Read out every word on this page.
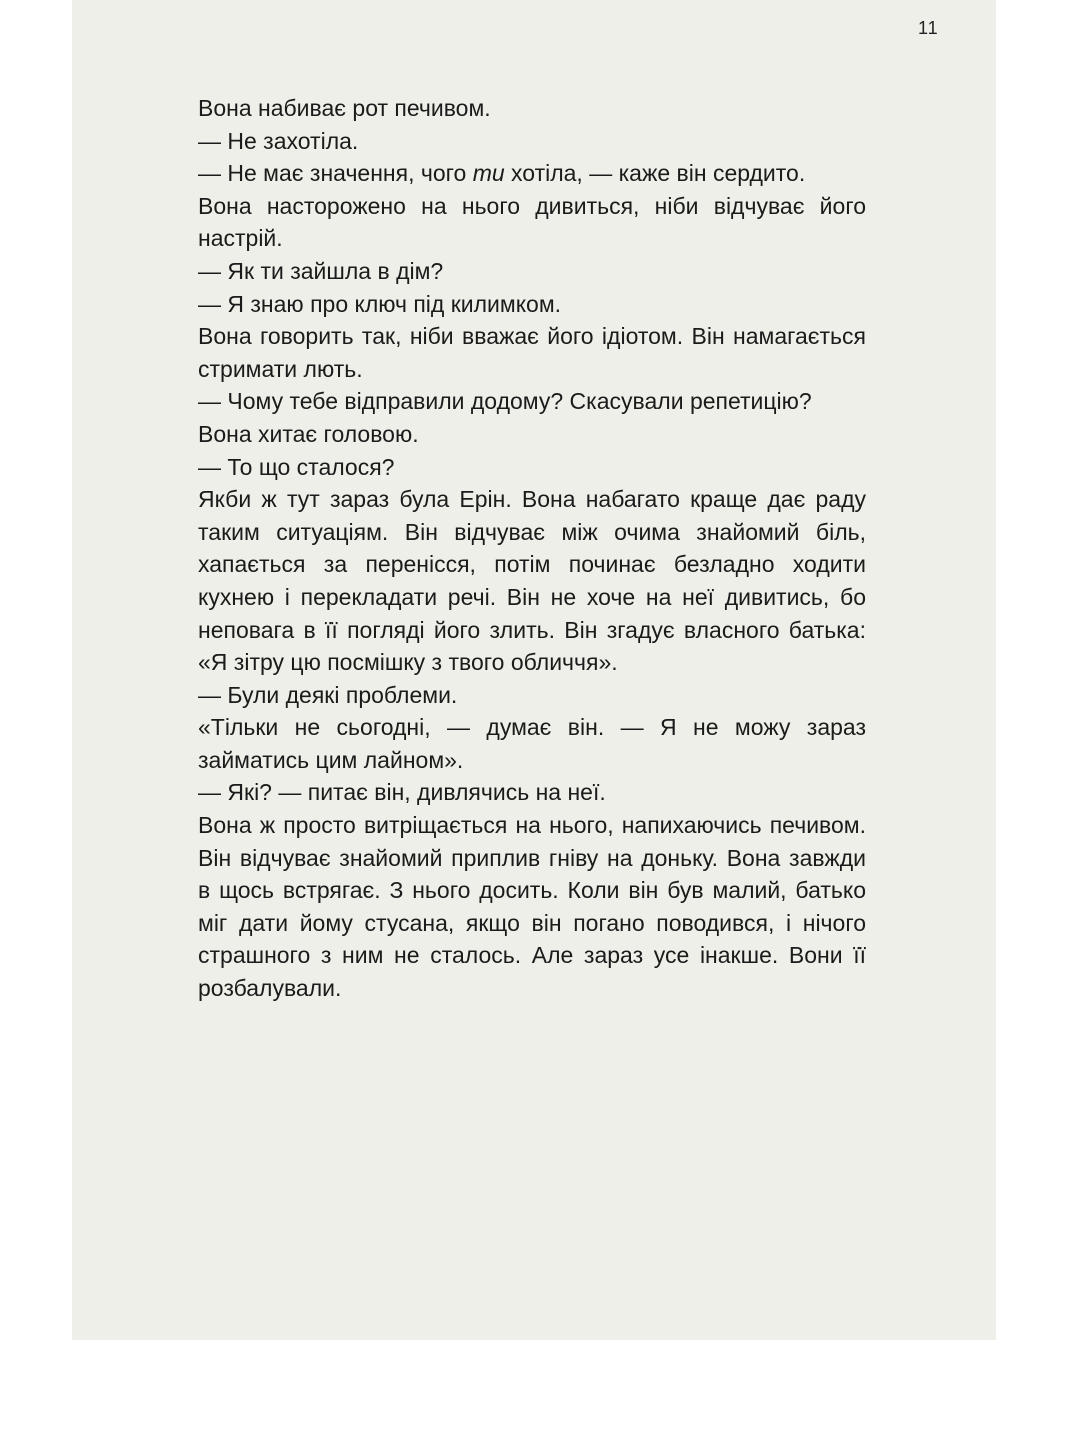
11

Вона набиває рот печивом.

— Не захотіла.

— Не має значення, чого ти хотіла, — каже він сердито.

Вона насторожено на нього дивиться, ніби відчуває його настрій.

— Як ти зайшла в дім?

— Я знаю про ключ під килимком.

Вона говорить так, ніби вважає його ідіотом. Він намагається стримати лють.

— Чому тебе відправили додому? Скасували репетицію?

Вона хитає головою.

— То що сталося?

Якби ж тут зараз була Ерін. Вона набагато краще дає раду таким ситуаціям. Він відчуває між очима знайомий біль, хапається за перенісся, потім починає безладно ходити кухнею і перекладати речі. Він не хоче на неї дивитись, бо неповага в її погляді його злить. Він згадує власного батька: «Я зітру цю посмішку з твого обличчя».

— Були деякі проблеми.

«Тільки не сьогодні, — думає він. — Я не можу зараз займатись цим лайном».

— Які? — питає він, дивлячись на неї.

Вона ж просто витріщається на нього, напихаючись печивом. Він відчуває знайомий приплив гніву на доньку. Вона завжди в щось встрягає. З нього досить. Коли він був малий, батько міг дати йому стусана, якщо він погано поводився, і нічого страшного з ним не сталось. Але зараз усе інакше. Вони її розбалували.
